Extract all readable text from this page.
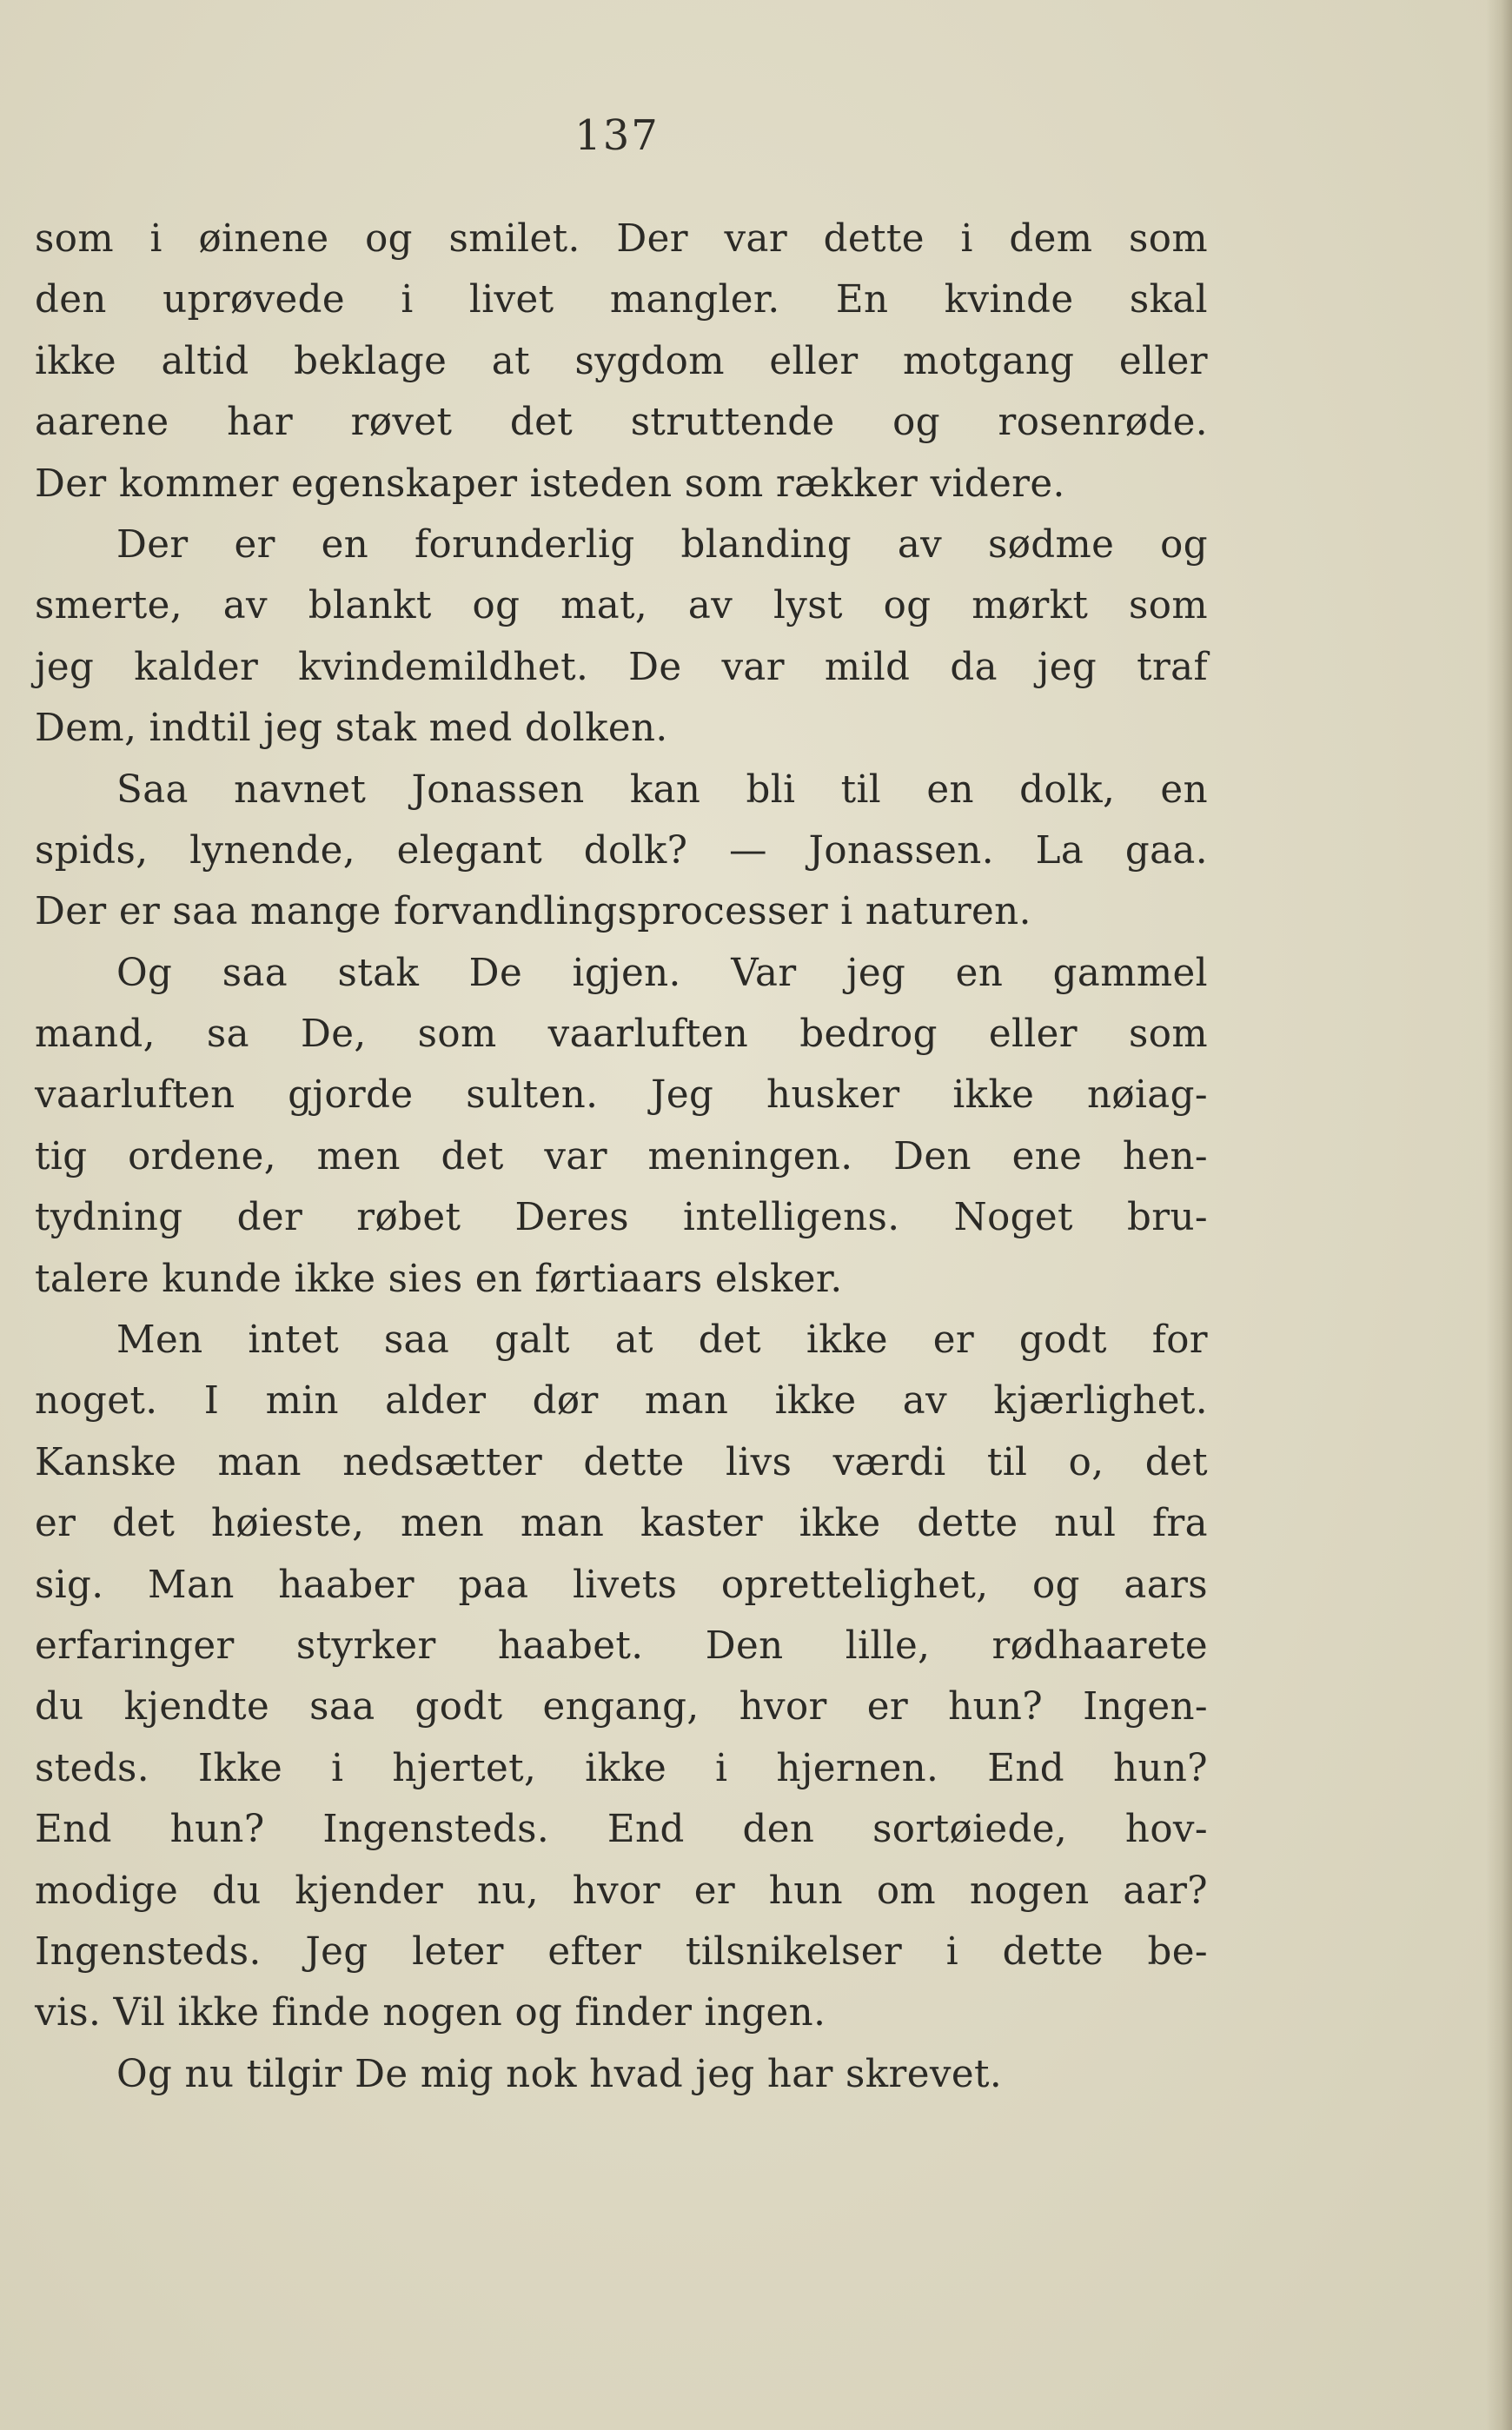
137
som i øinene og smilet. Der var dette i dem som
den uprøvede i livet mangler. En kvinde skal
ikke altid beklage at sygdom eller motgang eller
aarene har røvet det struttende og rosenrøde.
Der kommer egenskaper isteden som rækker videre.
Der er en forunderlig blanding av sødme og
smerte, av blankt og mat, av lyst og mørkt som
jeg kalder kvindemildhet. De var mild da jeg traf
Dem, indtil jeg stak med dolken.
Saa navnet Jonassen kan bli til en dolk, en
spids, lynende, elegant dolk? — Jonassen. La gaa.
Der er saa mange forvandlingsprocesser i naturen.
Og saa stak De igjen. Var jeg en gammel
mand, sa De, som vaarluften bedrog eller som
vaarluften gjorde sulten. Jeg husker ikke nøiag-
tig ordene, men det var meningen. Den ene hen-
tydning der røbet Deres intelligens. Noget bru-
talere kunde ikke sies en førtiaars elsker.
Men intet saa galt at det ikke er godt for
noget. I min alder dør man ikke av kjærlighet.
Kanske man nedsætter dette livs værdi til o, det
er det høieste, men man kaster ikke dette nul fra
sig. Man haaber paa livets oprettelighet, og aars
erfaringer styrker haabet. Den lille, rødhaarete
du kjendte saa godt engang, hvor er hun? Ingen-
steds. Ikke i hjertet, ikke i hjernen. End hun?
End hun? Ingensteds. End den sortøiede, hov-
modige du kjender nu, hvor er hun om nogen aar?
Ingensteds. Jeg leter efter tilsnikelser i dette be-
vis. Vil ikke finde nogen og finder ingen.
Og nu tilgir De mig nok hvad jeg har skrevet.
